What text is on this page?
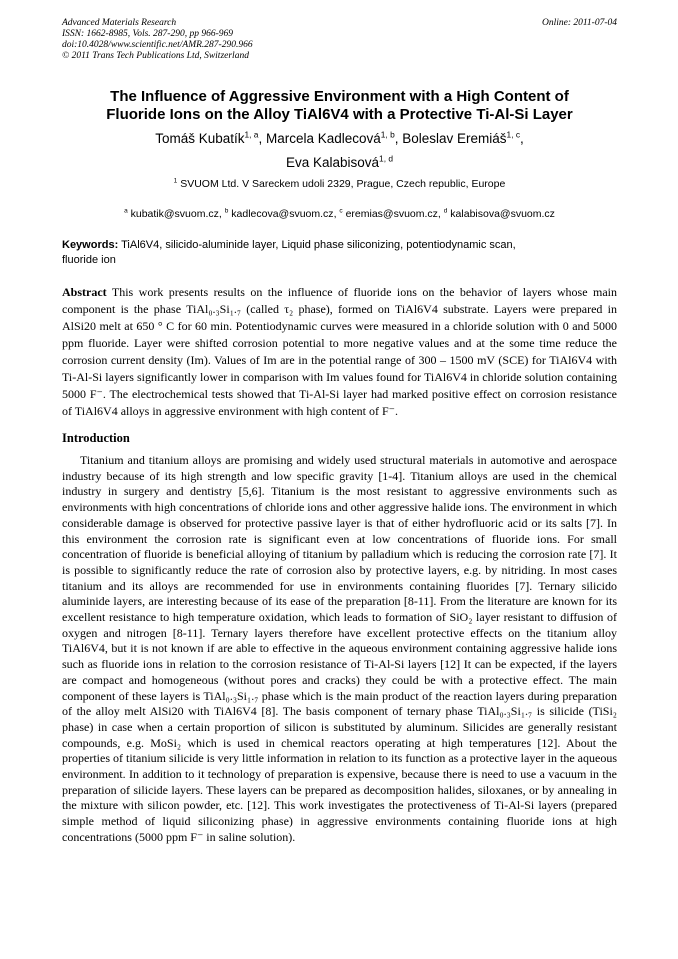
Advanced Materials Research
ISSN: 1662-8985, Vols. 287-290, pp 966-969
doi:10.4028/www.scientific.net/AMR.287-290.966
© 2011 Trans Tech Publications Ltd, Switzerland
Online: 2011-07-04
The Influence of Aggressive Environment with a High Content of
Fluoride Ions on the Alloy TiAl6V4 with a Protective Ti-Al-Si Layer
Tomáš Kubatík$^{1, a}$, Marcela Kadlecová$^{1, b}$, Boleslav Eremiáš$^{1, c}$,
Eva Kalabisová$^{1, d}$
$^1$ SVUOM Ltd. V Sareckem udoli 2329, Prague, Czech republic, Europe
$^a$ kubatik@svuom.cz, $^b$ kadlecova@svuom.cz, $^c$ eremias@svuom.cz, $^d$ kalabisova@svuom.cz

Keywords: TiAl6V4, silicido-aluminide layer, Liquid phase siliconizing, potentiodynamic scan,
fluoride ion

Abstract This work presents results on the influence of fluoride ions on the behavior of layers whose main component is the phase TiAl₀.₃Si₁.₇ (called τ₂ phase), formed on TiAl6V4 substrate. Layers were prepared in AlSi20 melt at 650 ° C for 60 min. Potentiodynamic curves were measured in a chloride solution with 0 and 5000 ppm fluoride. Layer were shifted corrosion potential to more negative values and at the some time reduce the corrosion current density (Im). Values of Im are in the potential range of 300 – 1500 mV (SCE) for TiAl6V4 with Ti-Al-Si layers significantly lower in comparison with Im values found for TiAl6V4 in chloride solution containing 5000 F⁻. The electrochemical tests showed that Ti-Al-Si layer had marked positive effect on corrosion resistance of TiAl6V4 alloys in aggressive environment with high content of F⁻.

Introduction

Titanium and titanium alloys are promising and widely used structural materials in automotive and aerospace industry because of its high strength and low specific gravity [1-4]. Titanium alloys are used in the chemical industry in surgery and dentistry [5,6]. Titanium is the most resistant to aggressive environments such as environments with high concentrations of chloride ions and other aggressive halide ions. The environment in which considerable damage is observed for protective passive layer is that of either hydrofluoric acid or its salts [7]. In this environment the corrosion rate is significant even at low concentrations of fluoride ions. For small concentration of fluoride is beneficial alloying of titanium by palladium which is reducing the corrosion rate [7]. It is possible to significantly reduce the rate of corrosion also by protective layers, e.g. by nitriding. In most cases titanium and its alloys are recommended for use in environments containing fluorides [7]. Ternary silicido aluminide layers, are interesting because of its ease of the preparation [8-11]. From the literature are known for its excellent resistance to high temperature oxidation, which leads to formation of SiO₂ layer resistant to diffusion of oxygen and nitrogen [8-11]. Ternary layers therefore have excellent protective effects on the titanium alloy TiAl6V4, but it is not known if are able to effective in the aqueous environment containing aggressive halide ions such as fluoride ions in relation to the corrosion resistance of Ti-Al-Si layers [12] It can be expected, if the layers are compact and homogeneous (without pores and cracks) they could be with a protective effect. The main component of these layers is TiAl₀.₃Si₁.₇ phase which is the main product of the reaction layers during preparation of the alloy melt AlSi20 with TiAl6V4 [8]. The basis component of ternary phase TiAl₀.₃Si₁.₇ is silicide (TiSi₂ phase) in case when a certain proportion of silicon is substituted by aluminum. Silicides are generally resistant compounds, e.g. MoSi₂ which is used in chemical reactors operating at high temperatures [12]. About the properties of titanium silicide is very little information in relation to its function as a protective layer in the aqueous environment. In addition to it technology of preparation is expensive, because there is need to use a vacuum in the preparation of silicide layers. These layers can be prepared as decomposition halides, siloxanes, or by annealing in the mixture with silicon powder, etc. [12]. This work investigates the protectiveness of Ti-Al-Si layers (prepared simple method of liquid siliconizing phase) in aggressive environments containing fluoride ions at high concentrations (5000 ppm F⁻ in saline solution).
